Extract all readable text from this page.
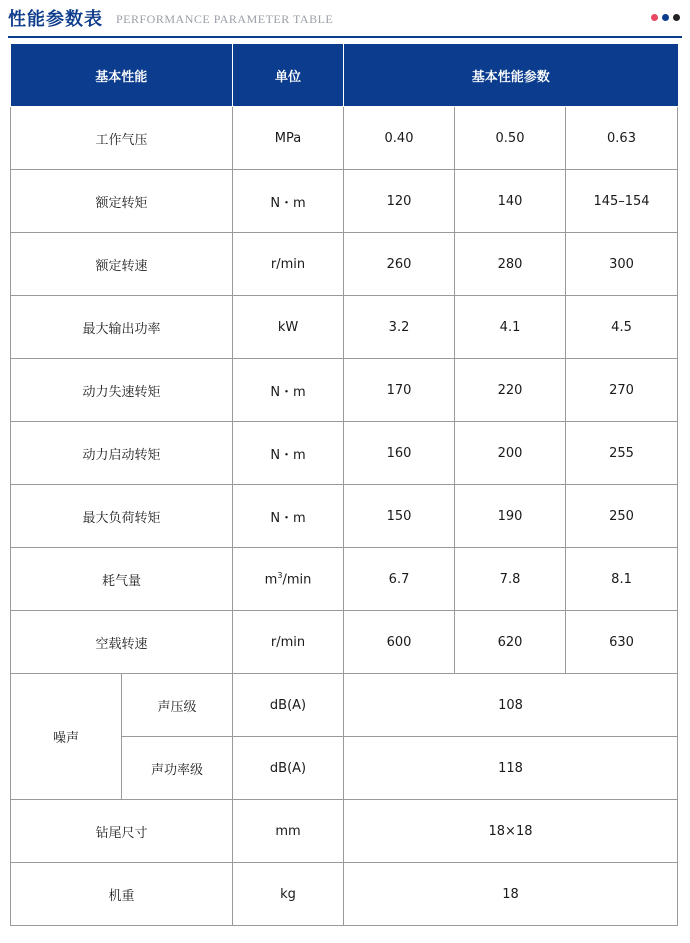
性能参数表 PERFORMANCE PARAMETER TABLE
基本性能		单位	基本性能参数		
工作气压		MPa	0.40	0.50	0.63
额定转矩		N・m	120	140	145–154
额定转速		r/min	260	280	300
最大输出功率		kW	3.2	4.1	4.5
动力失速转矩		N・m	170	220	270
动力启动转矩		N・m	160	200	255
最大负荷转矩		N・m	150	190	250
耗气量		$m^3/\min$	6.7	7.8	8.1
空载转速		r/min	600	620	630
噪声	声压级	dB(A)	108		
	声功率级	dB(A)	118		
钻尾尺寸		mm	18×18		
机重		kg	18		
